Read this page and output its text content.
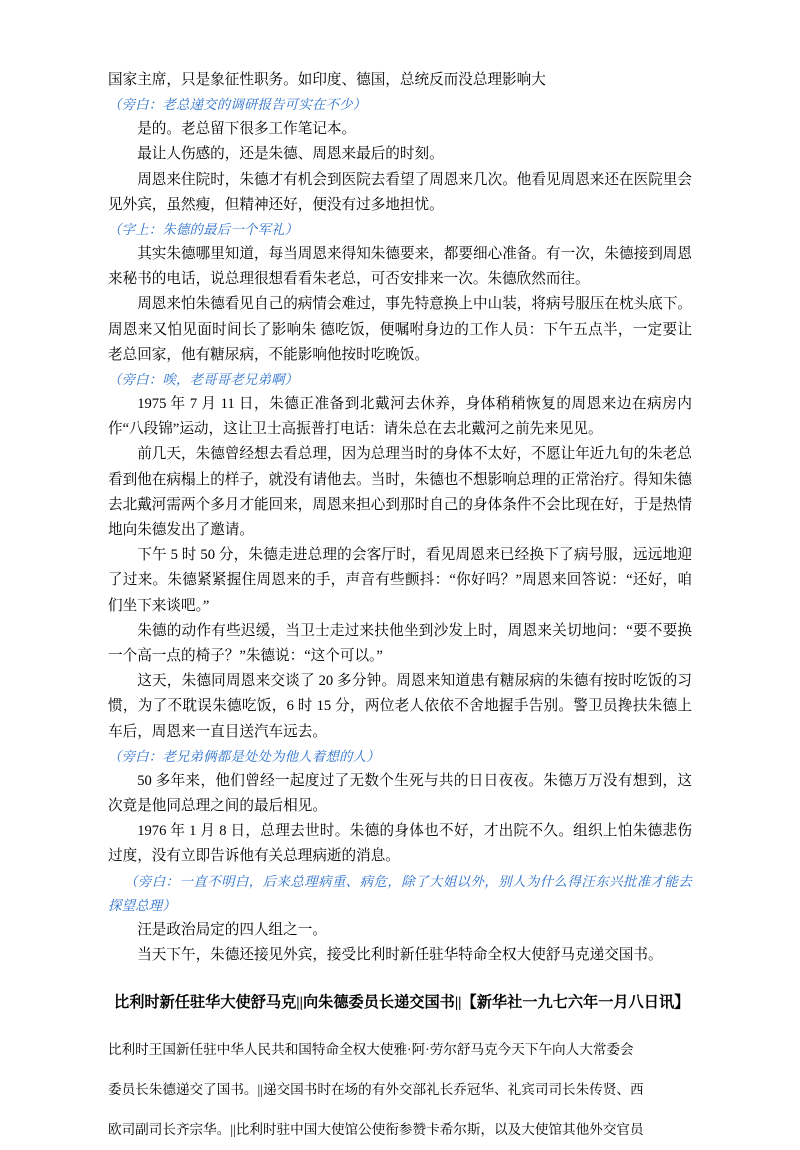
国家主席，只是象征性职务。如印度、德国，总统反而没总理影响大

（旁白：老总递交的调研报告可实在不少）

是的。老总留下很多工作笔记本。

最让人伤感的，还是朱德、周恩来最后的时刻。

周恩来住院时，朱德才有机会到医院去看望了周恩来几次。他看见周恩来还在医院里会见外宾，虽然瘦，但精神还好，便没有过多地担忧。

（字上：朱德的最后一个军礼）

其实朱德哪里知道，每当周恩来得知朱德要来，都要细心准备。有一次，朱德接到周恩来秘书的电话，说总理很想看看朱老总，可否安排来一次。朱德欣然而往。

周恩来怕朱德看见自己的病情会难过，事先特意换上中山装，将病号服压在枕头底下。周恩来又怕见面时间长了影响朱 德吃饭，便嘱咐身边的工作人员：下午五点半，一定要让老总回家，他有糖尿病，不能影响他按时吃晚饭。

（旁白：唉，老哥哥老兄弟啊）

1975 年 7 月 11 日，朱德正准备到北戴河去休养，身体稍稍恢复的周恩来边在病房内作“八段锦”运动，这让卫士高振普打电话：请朱总在去北戴河之前先来见见。

前几天，朱德曾经想去看总理，因为总理当时的身体不太好，不愿让年近九旬的朱老总看到他在病榻上的样子，就没有请他去。当时，朱德也不想影响总理的正常治疗。得知朱德去北戴河需两个多月才能回来，周恩来担心到那时自己的身体条件不会比现在好，于是热情地向朱德发出了邀请。

下午 5 时 50 分，朱德走进总理的会客厅时，看见周恩来已经换下了病号服，远远地迎了过来。朱德紧紧握住周恩来的手，声音有些颤抖：“你好吗？”周恩来回答说：“还好，咱们坐下来谈吧。”

朱德的动作有些迟缓，当卫士走过来扶他坐到沙发上时，周恩来关切地问：“要不要换一个高一点的椅子？”朱德说：“这个可以。”

这天，朱德同周恩来交谈了 20 多分钟。周恩来知道患有糖尿病的朱德有按时吃饭的习惯，为了不耽误朱德吃饭，6 时 15 分，两位老人依依不舍地握手告别。警卫员搀扶朱德上车后，周恩来一直目送汽车远去。

（旁白：老兄弟俩都是处处为他人着想的人）

50 多年来，他们曾经一起度过了无数个生死与共的日日夜夜。朱德万万没有想到，这次竟是他同总理之间的最后相见。

1976 年 1 月 8 日，总理去世时。朱德的身体也不好，才出院不久。组织上怕朱德悲伤过度，没有立即告诉他有关总理病逝的消息。

（旁白：一直不明白，后来总理病重、病危，除了大姐以外，别人为什么得汪东兴批准才能去探望总理）

汪是政治局定的四人组之一。

当天下午，朱德还接见外宾，接受比利时新任驻华特命全权大使舒马克递交国书。

比利时新任驻华大使舒马克||向朱德委员长递交国书||【新华社一九七六年一月八日讯】

比利时王国新任驻中华人民共和国特命全权大使雅·阿·劳尔舒马克今天下午向人大常委会

委员长朱德递交了国书。||递交国书时在场的有外交部礼长乔冠华、礼宾司司长朱传贤、西

欧司副司长齐宗华。||比利时驻中国大使馆公使衔参赞卡希尔斯，以及大使馆其他外交官员
